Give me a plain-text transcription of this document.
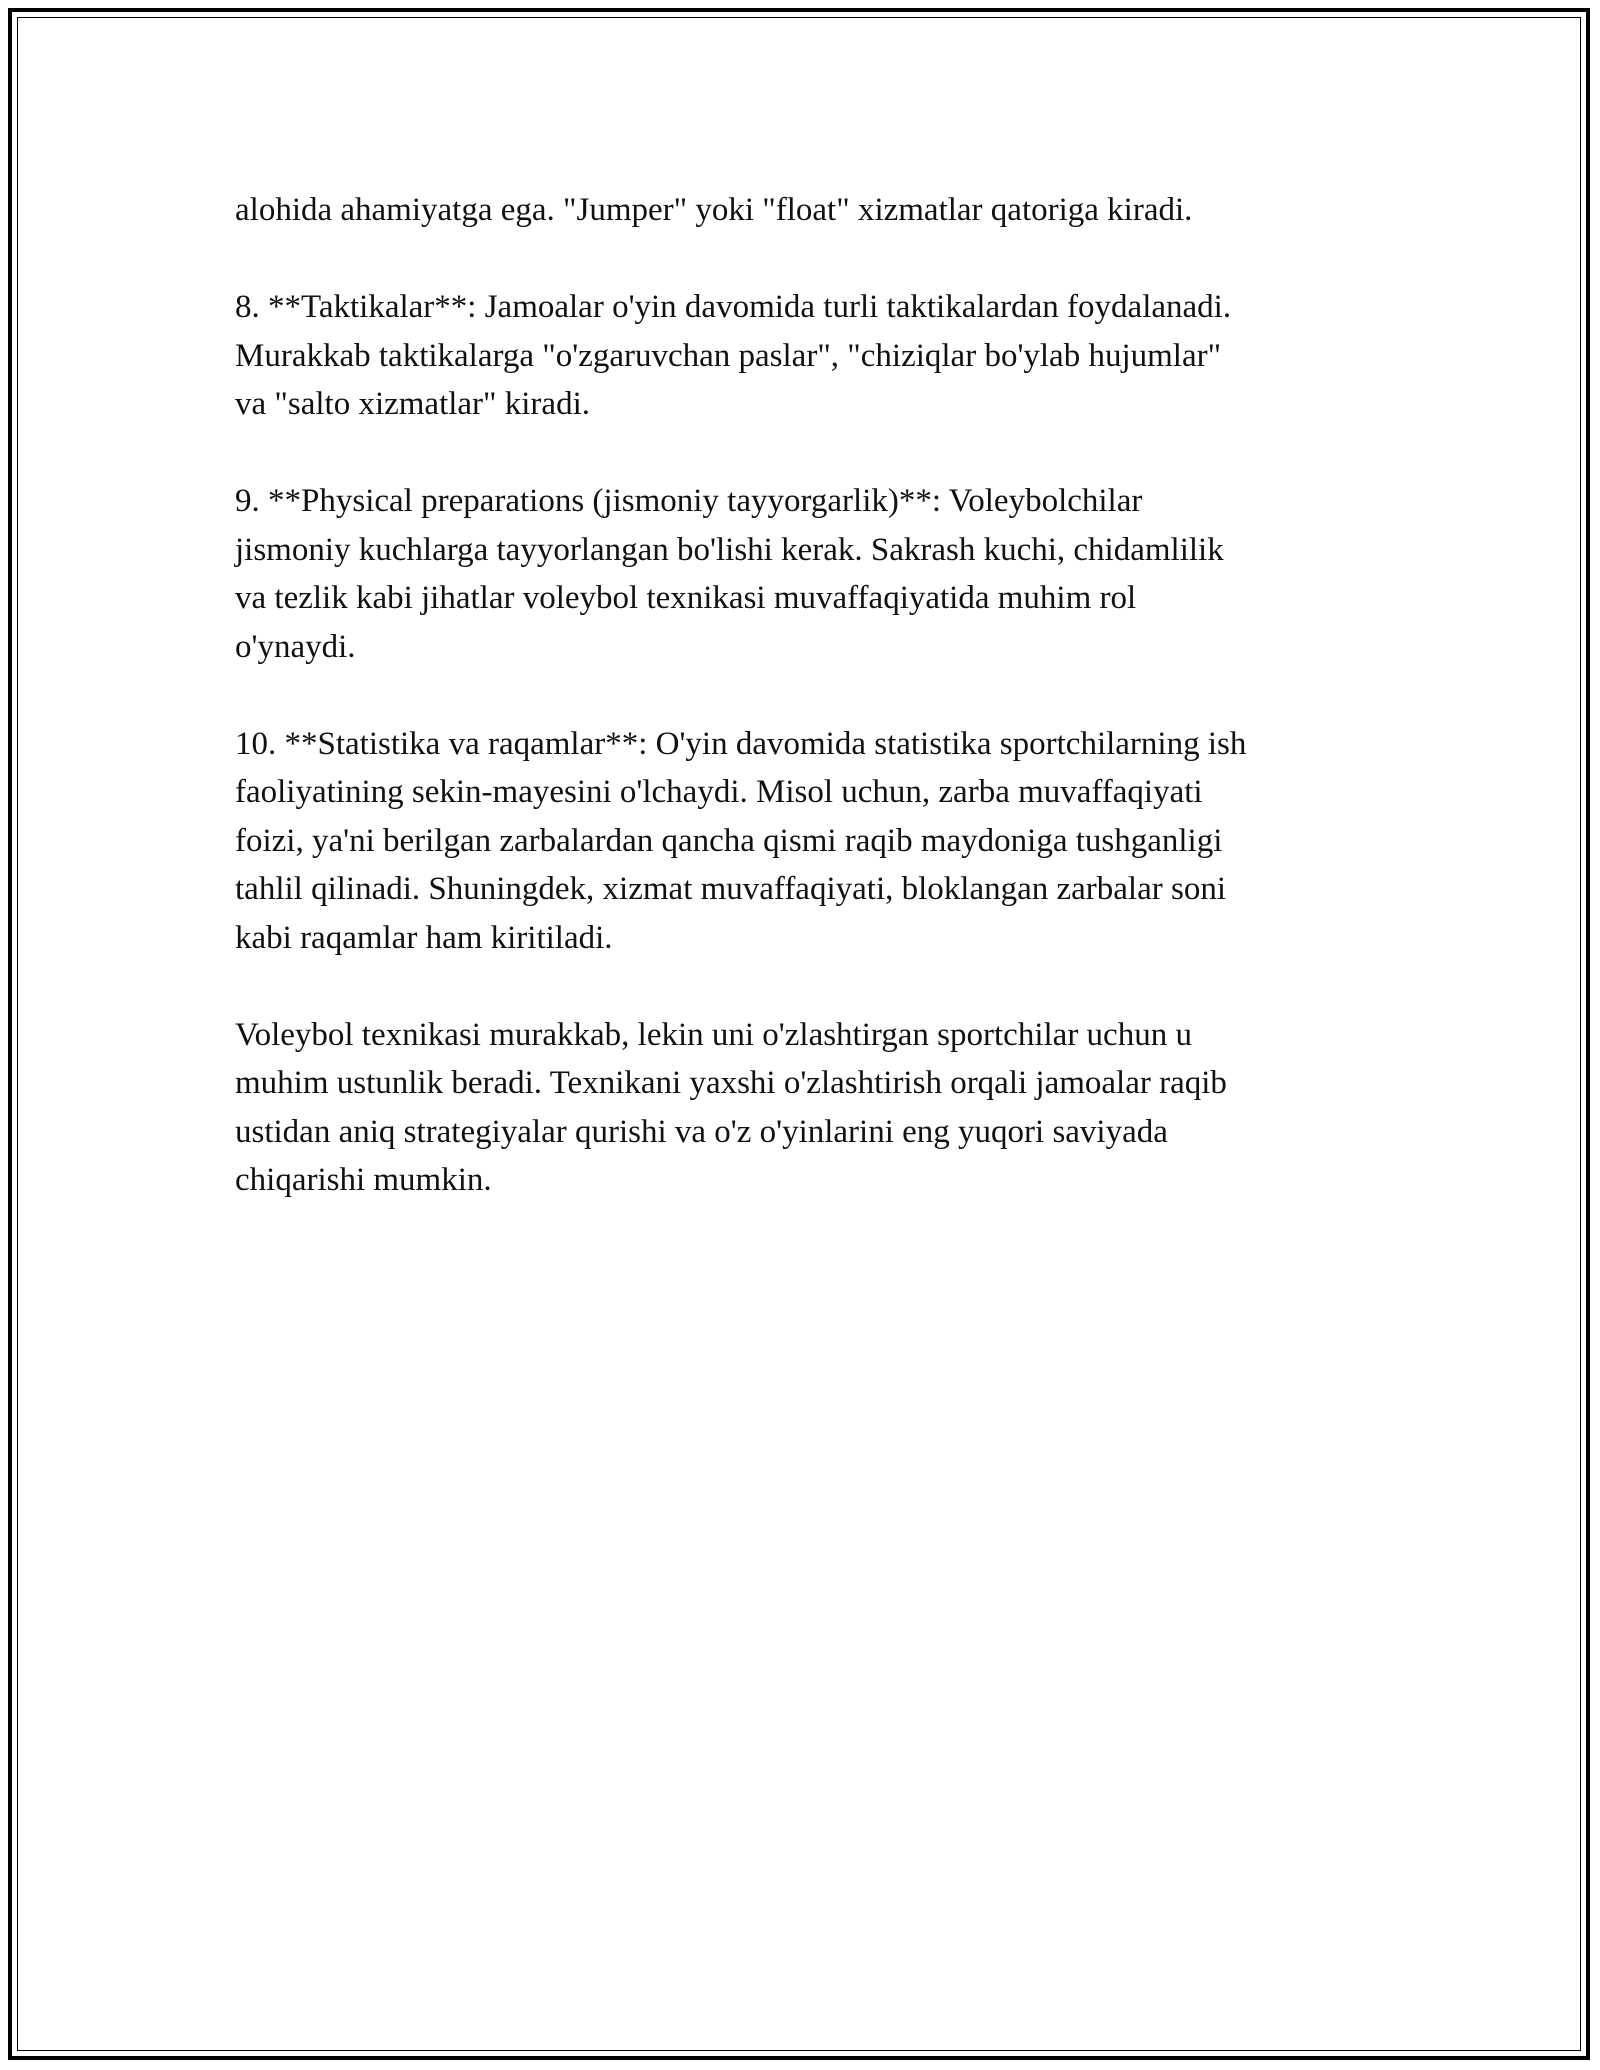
alohida ahamiyatga ega. "Jumper" yoki "float" xizmatlar qatoriga kiradi.

8. **Taktikalar**: Jamoalar o'yin davomida turli taktikalardan foydalanadi.
Murakkab taktikalarga "o'zgaruvchan paslar", "chiziqlar bo'ylab hujumlar"
va "salto xizmatlar" kiradi.

9. **Physical preparations (jismoniy tayyorgarlik)**: Voleybolchilar
jismoniy kuchlarga tayyorlangan bo'lishi kerak. Sakrash kuchi, chidamlilik
va tezlik kabi jihatlar voleybol texnikasi muvaffaqiyatida muhim rol
o'ynaydi.

10. **Statistika va raqamlar**: O'yin davomida statistika sportchilarning ish
faoliyatining sekin-mayesini o'lchaydi. Misol uchun, zarba muvaffaqiyati
foizi, ya'ni berilgan zarbalardan qancha qismi raqib maydoniga tushganligi
tahlil qilinadi. Shuningdek, xizmat muvaffaqiyati, bloklangan zarbalar soni
kabi raqamlar ham kiritiladi.

Voleybol texnikasi murakkab, lekin uni o'zlashtirgan sportchilar uchun u
muhim ustunlik beradi. Texnikani yaxshi o'zlashtirish orqali jamoalar raqib
ustidan aniq strategiyalar qurishi va o'z o'yinlarini eng yuqori saviyada
chiqarishi mumkin.
